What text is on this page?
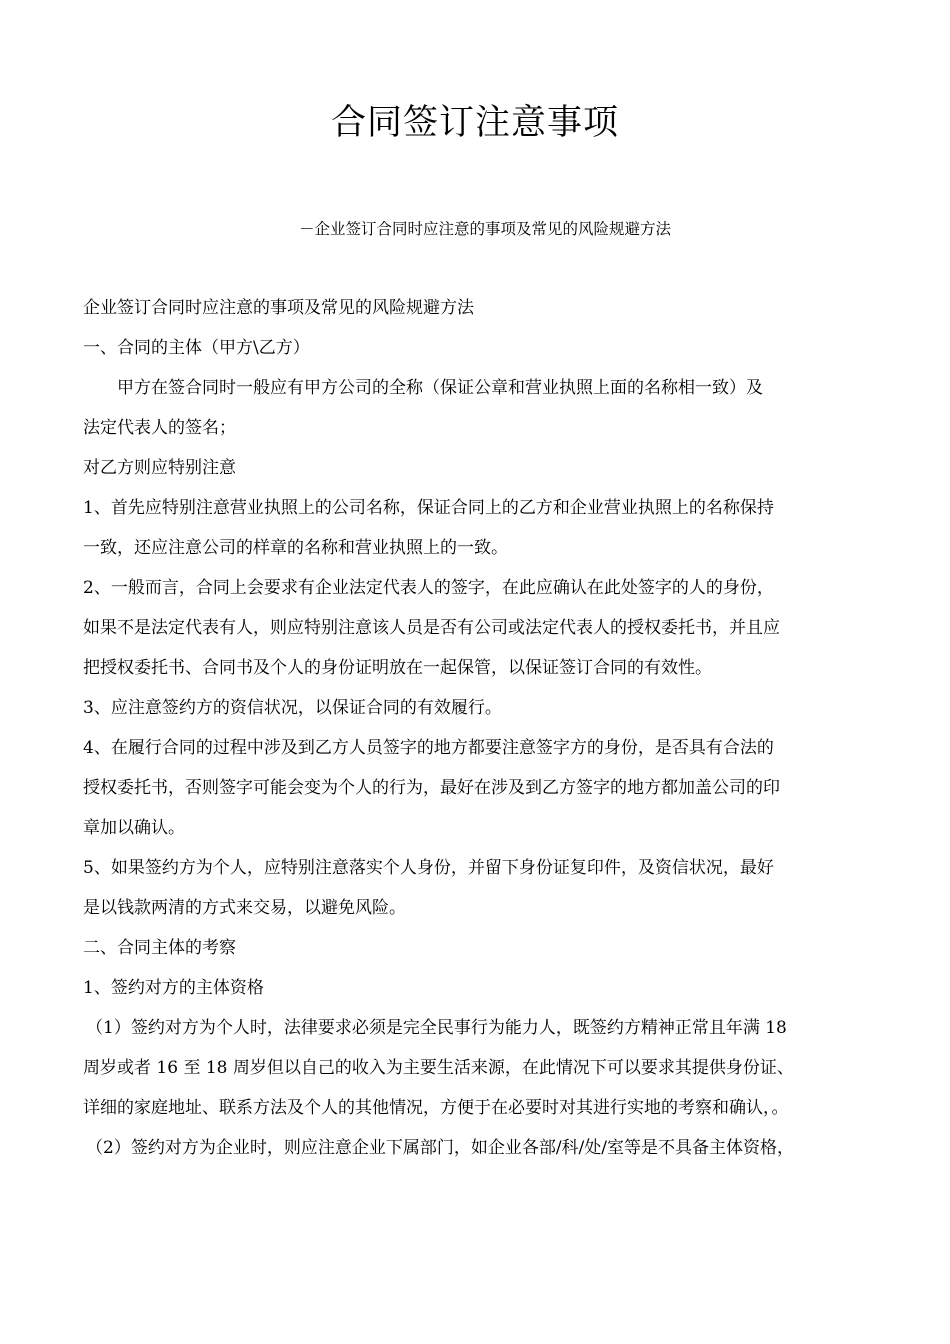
合同签订注意事项
－企业签订合同时应注意的事项及常见的风险规避方法
企业签订合同时应注意的事项及常见的风险规避方法
一、合同的主体（甲方\乙方）
甲方在签合同时一般应有甲方公司的全称（保证公章和营业执照上面的名称相一致）及
法定代表人的签名；
对乙方则应特别注意
1、首先应特别注意营业执照上的公司名称，保证合同上的乙方和企业营业执照上的名称保持
一致，还应注意公司的样章的名称和营业执照上的一致。
2、一般而言，合同上会要求有企业法定代表人的签字，在此应确认在此处签字的人的身份，
如果不是法定代表有人，则应特别注意该人员是否有公司或法定代表人的授权委托书，并且应
把授权委托书、合同书及个人的身份证明放在一起保管，以保证签订合同的有效性。
3、应注意签约方的资信状况，以保证合同的有效履行。
4、在履行合同的过程中涉及到乙方人员签字的地方都要注意签字方的身份，是否具有合法的
授权委托书，否则签字可能会变为个人的行为，最好在涉及到乙方签字的地方都加盖公司的印
章加以确认。
5、如果签约方为个人，应特别注意落实个人身份，并留下身份证复印件，及资信状况，最好
是以钱款两清的方式来交易，以避免风险。
二、合同主体的考察
1、签约对方的主体资格
（1）签约对方为个人时，法律要求必须是完全民事行为能力人，既签约方精神正常且年满 18
周岁或者 16 至 18 周岁但以自己的收入为主要生活来源，在此情况下可以要求其提供身份证、
详细的家庭地址、联系方法及个人的其他情况，方便于在必要时对其进行实地的考察和确认，。
（2）签约对方为企业时，则应注意企业下属部门，如企业各部/科/处/室等是不具备主体资格，
